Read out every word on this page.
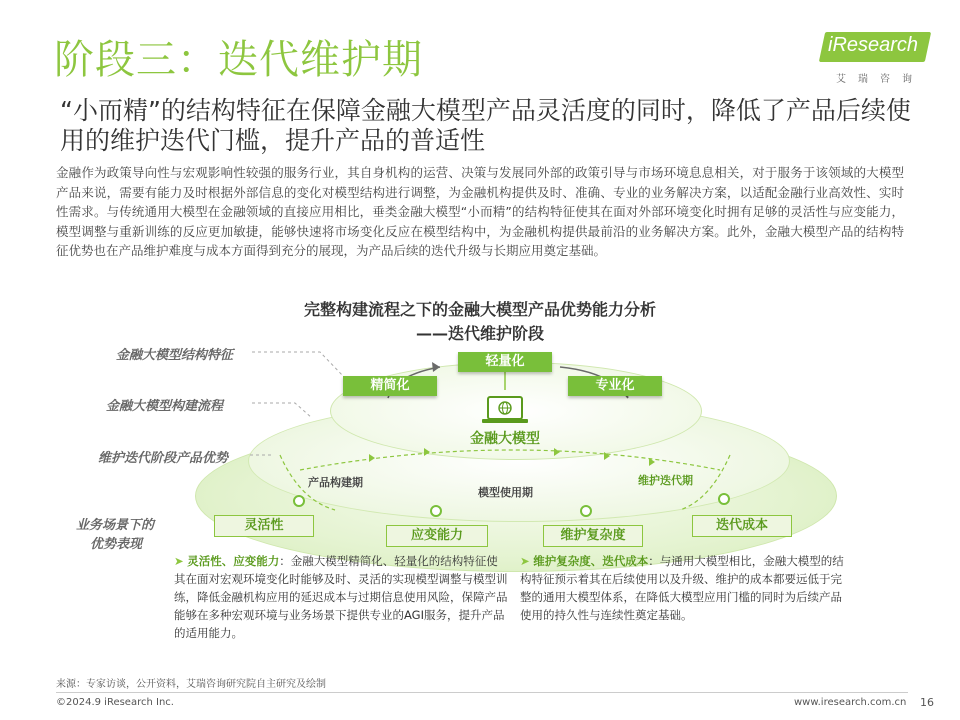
阶段三：迭代维护期	iResearch
艾瑞咨询
“小而精”的结构特征在保障金融大模型产品灵活度的同时，降低了产品后续使用的维护迭代门槛，提升产品的普适性
金融作为政策导向性与宏观影响性较强的服务行业，其自身机构的运营、决策与发展同外部的政策引导与市场环境息息相关，对于服务于该领域的大模型产品来说，需要有能力及时根据外部信息的变化对模型结构进行调整，为金融机构提供及时、准确、专业的业务解决方案，以适配金融行业高效性、实时性需求。与传统通用大模型在金融领域的直接应用相比，垂类金融大模型“小而精”的结构特征使其在面对外部环境变化时拥有足够的灵活性与应变能力，模型调整与重新训练的反应更加敏捷，能够快速将市场变化反应在模型结构中，为金融机构提供最前沿的业务解决方案。此外，金融大模型产品的结构特征优势也在产品维护难度与成本方面得到充分的展现，为产品后续的迭代升级与长期应用奠定基础。
完整构建流程之下的金融大模型产品优势能力分析
——迭代维护阶段
金融大模型结构特征
金融大模型构建流程
维护迭代阶段产品优势
业务场景下的
优势表现
轻量化
精简化	专业化
金融大模型
产品构建期
模型使用期
维护迭代期
灵活性
应变能力	维护复杂度
迭代成本
➤ 灵活性、应变能力：金融大模型精简化、轻量化的结构特征使其在面对宏观环境变化时能够及时、灵活的实现模型调整与模型训练，降低金融机构应用的延迟成本与过期信息使用风险，保障产品能够在多种宏观环境与业务场景下提供专业的AGI服务，提升产品的适用能力。
➤ 维护复杂度、迭代成本：与通用大模型相比，金融大模型的结构特征预示着其在后续使用以及升级、维护的成本都要远低于完整的通用大模型体系，在降低大模型应用门槛的同时为后续产品使用的持久性与连续性奠定基础。
来源：专家访谈，公开资料，艾瑞咨询研究院自主研究及绘制
©2024.9 iResearch Inc.	www.iresearch.com.cn 16
